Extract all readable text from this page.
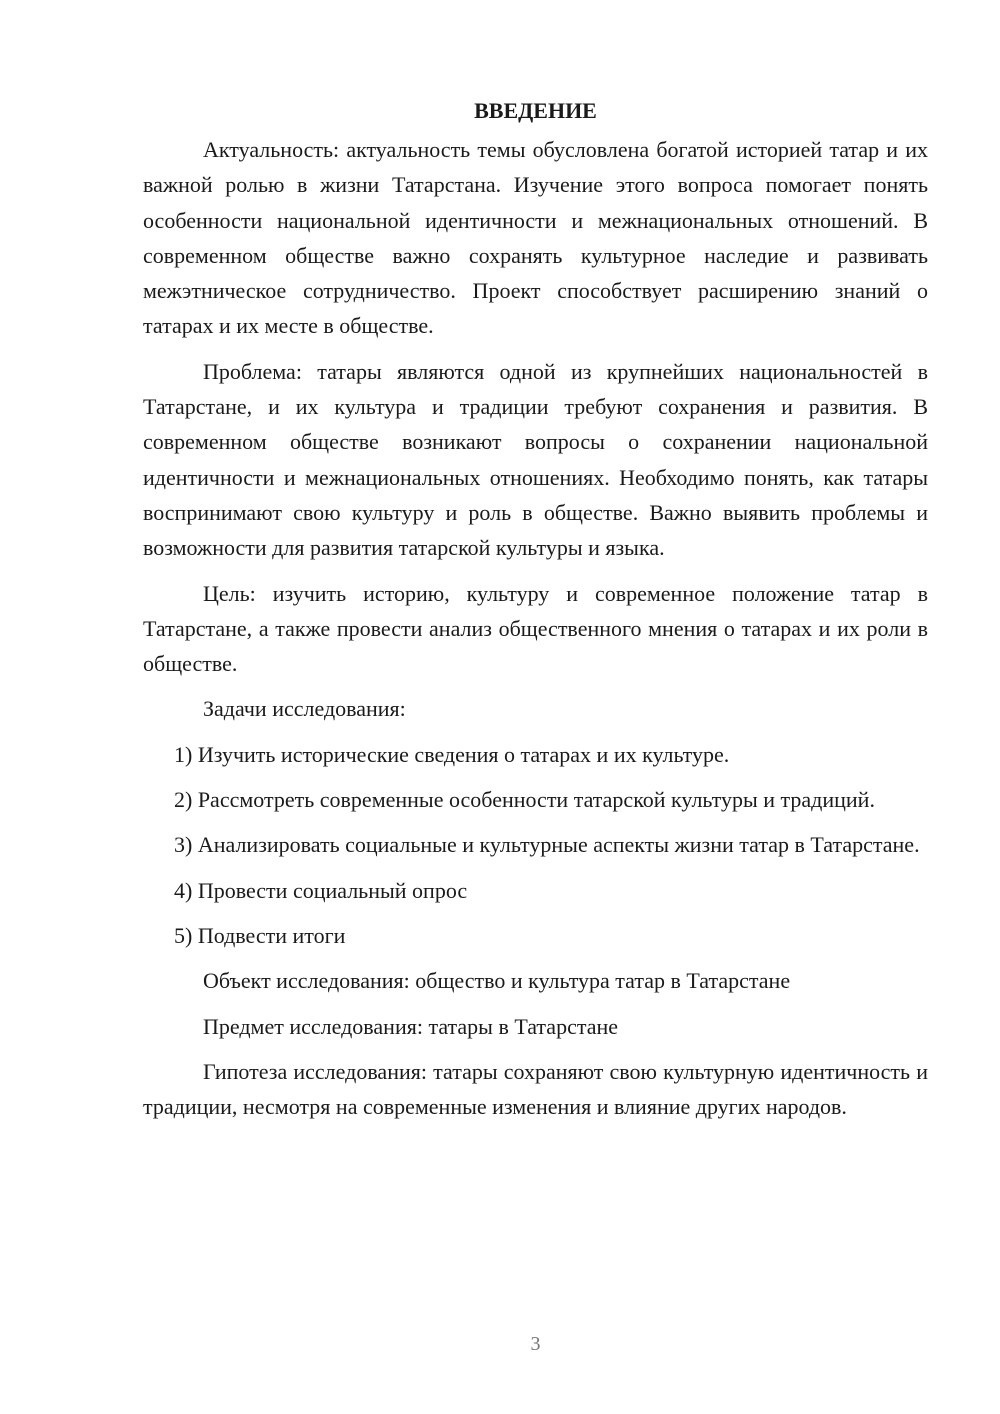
ВВЕДЕНИЕ

Актуальность: актуальность темы обусловлена богатой историей татар и их важной ролью в жизни Татарстана. Изучение этого вопроса помогает понять особенности национальной идентичности и межнациональных отношений. В современном обществе важно сохранять культурное наследие и развивать межэтническое сотрудничество. Проект способствует расширению знаний о татарах и их месте в обществе.

Проблема: татары являются одной из крупнейших национальностей в Татарстане, и их культура и традиции требуют сохранения и развития. В современном обществе возникают вопросы о сохранении национальной идентичности и межнациональных отношениях. Необходимо понять, как татары воспринимают свою культуру и роль в обществе. Важно выявить проблемы и возможности для развития татарской культуры и языка.

Цель: изучить историю, культуру и современное положение татар в Татарстане, а также провести анализ общественного мнения о татарах и их роли в обществе.

Задачи исследования:

1) Изучить исторические сведения о татарах и их культуре.

2) Рассмотреть современные особенности татарской культуры и традиций.

3) Анализировать социальные и культурные аспекты жизни татар в Татарстане.

4) Провести социальный опрос

5) Подвести итоги

Объект исследования: общество и культура татар в Татарстане

Предмет исследования: татары в Татарстане

Гипотеза исследования: татары сохраняют свою культурную идентичность и традиции, несмотря на современные изменения и влияние других народов.

3
